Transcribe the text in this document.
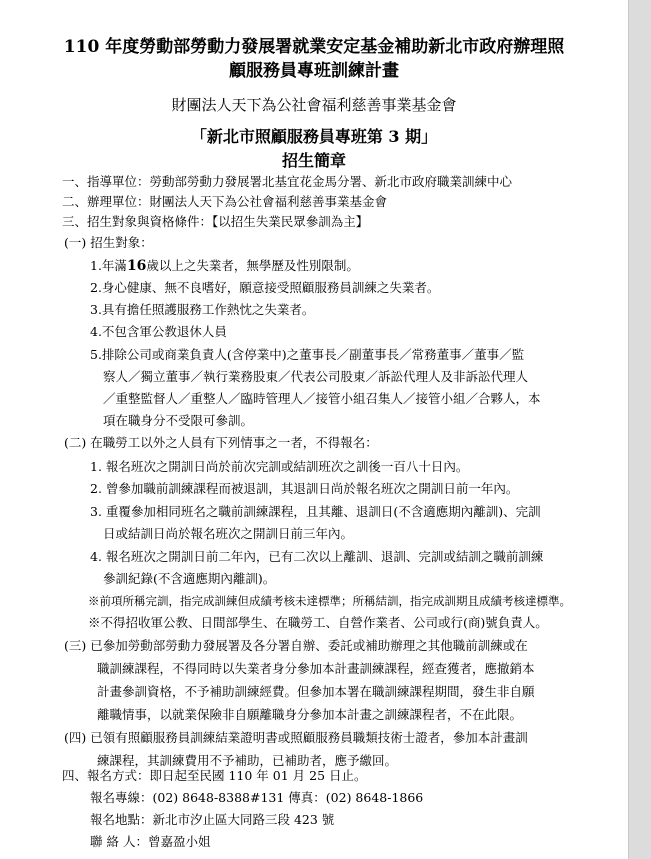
110 年度勞動部勞動力發展署就業安定基金補助新北市政府辦理照
顧服務員專班訓練計畫
財團法人天下為公社會福利慈善事業基金會
「新北市照顧服務員專班第 3 期」
招生簡章
一、指導單位：勞動部勞動力發展署北基宜花金馬分署、新北市政府職業訓練中心
二、辦理單位：財團法人天下為公社會福利慈善事業基金會
三、招生對象與資格條件：【以招生失業民眾參訓為主】
(一) 招生對象：
1.年滿16歲以上之失業者，無學歷及性別限制。
2.身心健康、無不良嗜好，願意接受照顧服務員訓練之失業者。
3.具有擔任照護服務工作熱忱之失業者。
4.不包含軍公教退休人員
5.排除公司或商業負責人(含停業中)之董事長／副董事長／常務董事／董事／監
察人／獨立董事／執行業務股東／代表公司股東／訴訟代理人及非訴訟代理人
／重整監督人／重整人／臨時管理人／接管小組召集人／接管小組／合夥人，本
項在職身分不受限可參訓。
(二) 在職勞工以外之人員有下列情事之一者，不得報名：
1. 報名班次之開訓日尚於前次完訓或結訓班次之訓後一百八十日內。
2. 曾參加職前訓練課程而被退訓，其退訓日尚於報名班次之開訓日前一年內。
3. 重覆參加相同班名之職前訓練課程，且其離、退訓日(不含適應期內離訓)、完訓
日或結訓日尚於報名班次之開訓日前三年內。
4. 報名班次之開訓日前二年內，已有二次以上離訓、退訓、完訓或結訓之職前訓練
參訓紀錄(不含適應期內離訓)。
※前項所稱完訓，指完成訓練但成績考核未達標準；所稱結訓，指完成訓期且成績考核達標準。
※不得招收軍公教、日間部學生、在職勞工、自營作業者、公司或行(商)號負責人。
(三) 已參加勞動部勞動力發展署及各分署自辦、委託或補助辦理之其他職前訓練或在
職訓練課程，不得同時以失業者身分參加本計畫訓練課程，經查獲者，應撤銷本
計畫參訓資格，不予補助訓練經費。但參加本署在職訓練課程期間，發生非自願
離職情事，以就業保險非自願離職身分參加本計畫之訓練課程者，不在此限。
(四) 已領有照顧服務員訓練結業證明書或照顧服務員職類技術士證者，參加本計畫訓
練課程，其訓練費用不予補助，已補助者，應予繳回。
四、報名方式：即日起至民國 110 年 01 月 25 日止。
報名專線：(02) 8648-8388#131 傳真：(02) 8648-1866
報名地點：新北市汐止區大同路三段 423 號
聯 絡 人：曾嘉盈小姐
